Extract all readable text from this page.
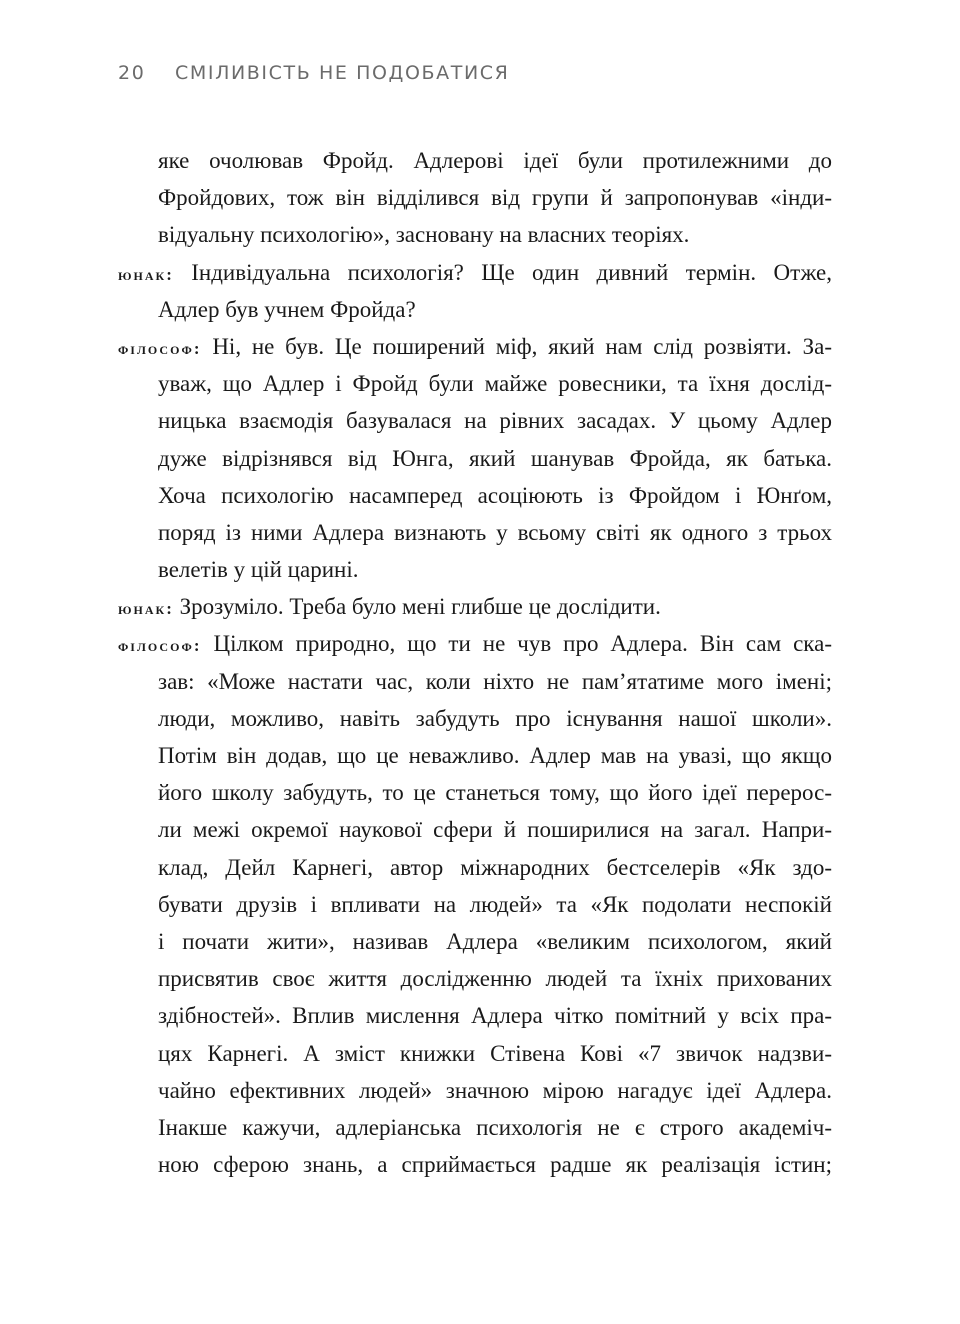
20 СМІЛИВІСТЬ НЕ ПОДОБАТИСЯ
яке очолював Фройд. Адлерові ідеї були протилежними до
Фройдових, тож він відділився від групи й запропонував «інди-
відуальну психологію», засновану на власних теоріях.
юнак: Індивідуальна психологія? Ще один дивний термін. Отже,
Адлер був учнем Фройда?
філософ: Ні, не був. Це поширений міф, який нам слід розвіяти. За-
уваж, що Адлер і Фройд були майже ровесники, та їхня дослід-
ницька взаємодія базувалася на рівних засадах. У цьому Адлер
дуже відрізнявся від Юнга, який шанував Фройда, як батька.
Хоча психологію насамперед асоціюють із Фройдом і Юнґом,
поряд із ними Адлера визнають у всьому світі як одного з трьох
велетів у цій царині.
юнак: Зрозуміло. Треба було мені глибше це дослідити.
філософ: Цілком природно, що ти не чув про Адлера. Він сам ска-
зав: «Може настати час, коли ніхто не пам’ятатиме мого імені;
люди, можливо, навіть забудуть про існування нашої школи».
Потім він додав, що це неважливо. Адлер мав на увазі, що якщо
його школу забудуть, то це станеться тому, що його ідеї перерос-
ли межі окремої наукової сфери й поширилися на загал. Напри-
клад, Дейл Карнегі, автор міжнародних бестселерів «Як здо-
бувати друзів і впливати на людей» та «Як подолати неспокій
і почати жити», називав Адлера «великим психологом, який
присвятив своє життя дослідженню людей та їхніх прихованих
здібностей». Вплив мислення Адлера чітко помітний у всіх пра-
цях Карнегі. А зміст книжки Стівена Кові «7 звичок надзви-
чайно ефективних людей» значною мірою нагадує ідеї Адлера.
Інакше кажучи, адлеріанська психологія не є строго академіч-
ною сферою знань, а сприймається радше як реалізація істин;
